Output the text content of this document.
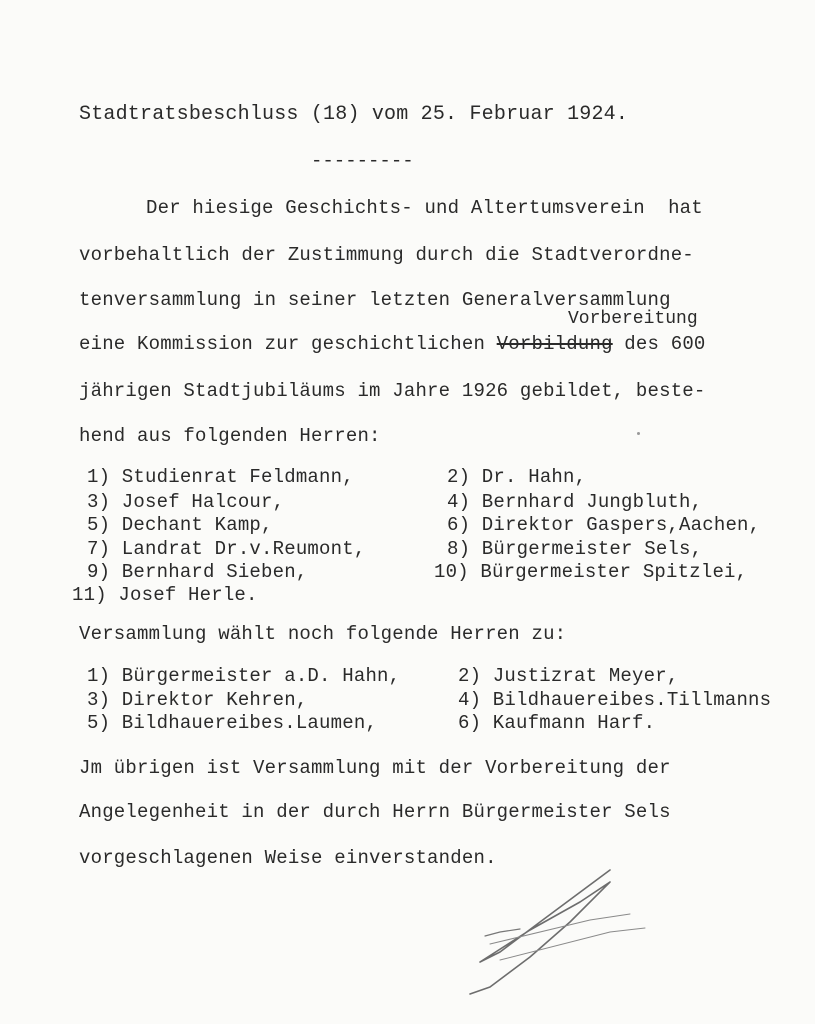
Stadtratsbeschluss (18) vom 25. Februar 1924.
---------
Der hiesige Geschichts- und Altertumsverein  hat
vorbehaltlich der Zustimmung durch die Stadtverordne-
tenversammlung in seiner letzten Generalversammlung
Vorbereitung
eine Kommission zur geschichtlichen Vorbildung des 600
jährigen Stadtjubiläums im Jahre 1926 gebildet, beste-
hend aus folgenden Herren:
1) Studienrat Feldmann,	2) Dr. Hahn,
3) Josef Halcour,	4) Bernhard Jungbluth,
5) Dechant Kamp,	6) Direktor Gaspers,Aachen,
7) Landrat Dr.v.Reumont,	8) Bürgermeister Sels,
9) Bernhard Sieben,	10) Bürgermeister Spitzlei,
11) Josef Herle.
Versammlung wählt noch folgende Herren zu:
1) Bürgermeister a.D. Hahn,	2) Justizrat Meyer,
3) Direktor Kehren,	4) Bildhauereibes.Tillmanns
5) Bildhauereibes.Laumen,	6) Kaufmann Harf.
Jm übrigen ist Versammlung mit der Vorbereitung der
Angelegenheit in der durch Herrn Bürgermeister Sels
vorgeschlagenen Weise einverstanden.
